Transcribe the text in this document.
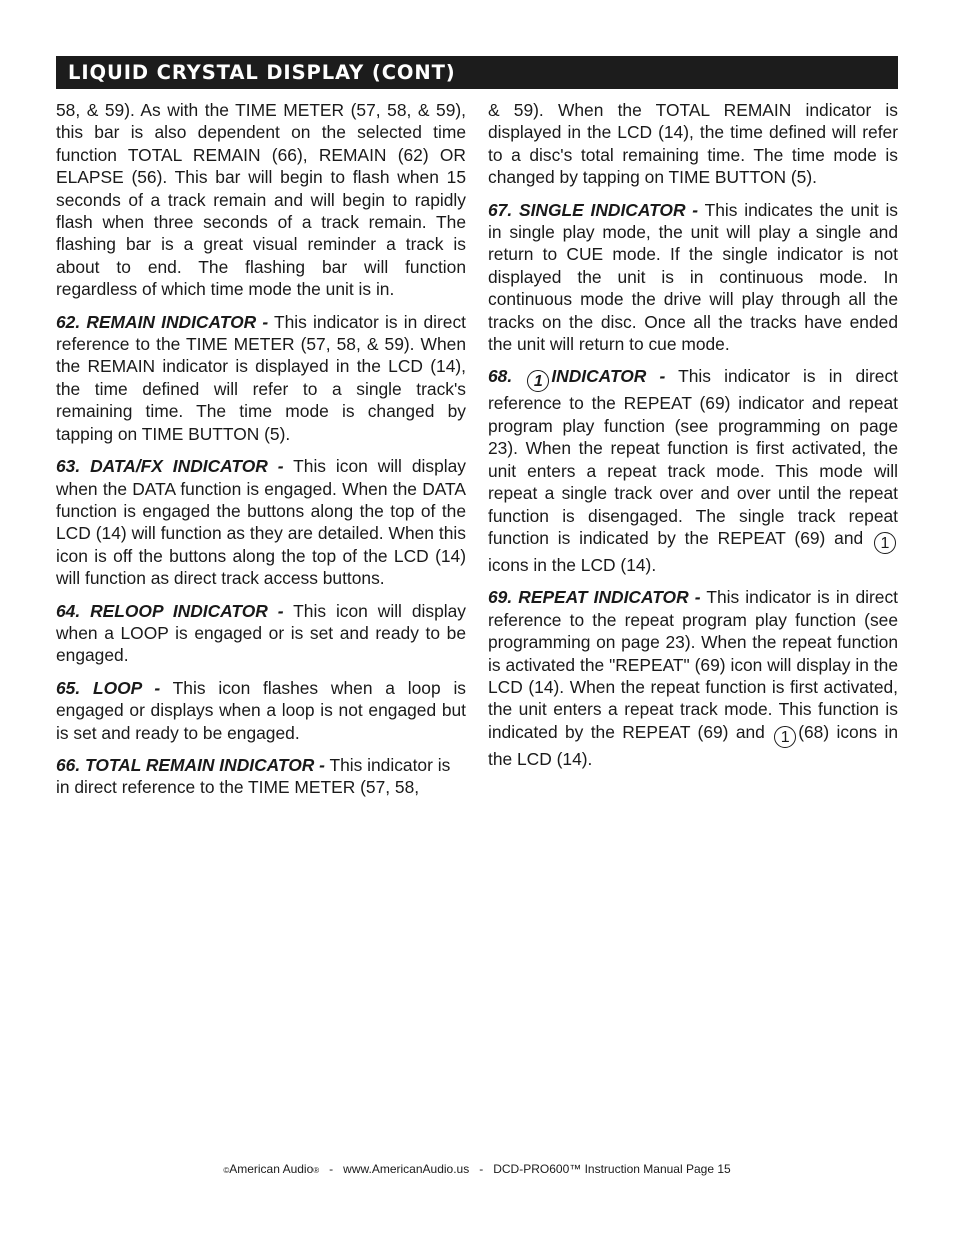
LIQUID CRYSTAL DISPLAY (CONT)

58, & 59). As with the TIME METER (57, 58, & 59), this bar is also dependent on the selected time function TOTAL REMAIN (66), REMAIN (62) OR ELAPSE (56). This bar will begin to flash when 15 seconds of a track remain and will begin to rapidly flash when three seconds of a track remain. The flashing bar is a great visual reminder a track is about to end. The flashing bar will function regardless of which time mode the unit is in.

62. REMAIN INDICATOR - This indicator is in direct reference to the TIME METER (57, 58, & 59). When the REMAIN indicator is displayed in the LCD (14), the time defined will refer to a single track's remaining time. The time mode is changed by tapping on TIME BUTTON (5).

63. DATA/FX INDICATOR - This icon will display when the DATA function is engaged. When the DATA function is engaged the buttons along the top of the LCD (14) will function as they are detailed. When this icon is off the buttons along the top of the LCD (14) will function as direct track access buttons.

64. RELOOP INDICATOR - This icon will display when a LOOP is engaged or is set and ready to be engaged.

65. LOOP - This icon flashes when a loop is engaged or displays when a loop is not engaged but is set and ready to be engaged.

66. TOTAL REMAIN INDICATOR - This indicator is in direct reference to the TIME METER (57, 58,

& 59). When the TOTAL REMAIN indicator is displayed in the LCD (14), the time defined will refer to a disc's total remaining time. The time mode is changed by tapping on TIME BUTTON (5).

67. SINGLE INDICATOR - This indicates the unit is in single play mode, the unit will play a single and return to CUE mode. If the single indicator is not displayed the unit is in continuous mode. In continuous mode the drive will play through all the tracks on the disc. Once all the tracks have ended the unit will return to cue mode.

68. 1 INDICATOR - This indicator is in direct reference to the REPEAT (69) indicator and repeat program play function (see programming on page 23). When the repeat function is first activated, the unit enters a repeat track mode. This mode will repeat a single track over and over until the repeat function is disengaged. The single track repeat function is indicated by the REPEAT (69) and 1 icons in the LCD (14).

69. REPEAT INDICATOR - This indicator is in direct reference to the repeat program play function (see programming on page 23). When the repeat function is activated the "REPEAT" (69) icon will display in the LCD (14). When the repeat function is first activated, the unit enters a repeat track mode. This function is indicated by the REPEAT (69) and 1 (68) icons in the LCD (14).

©American Audio®   -   www.AmericanAudio.us   -   DCD-PRO600™ Instruction Manual Page 15
